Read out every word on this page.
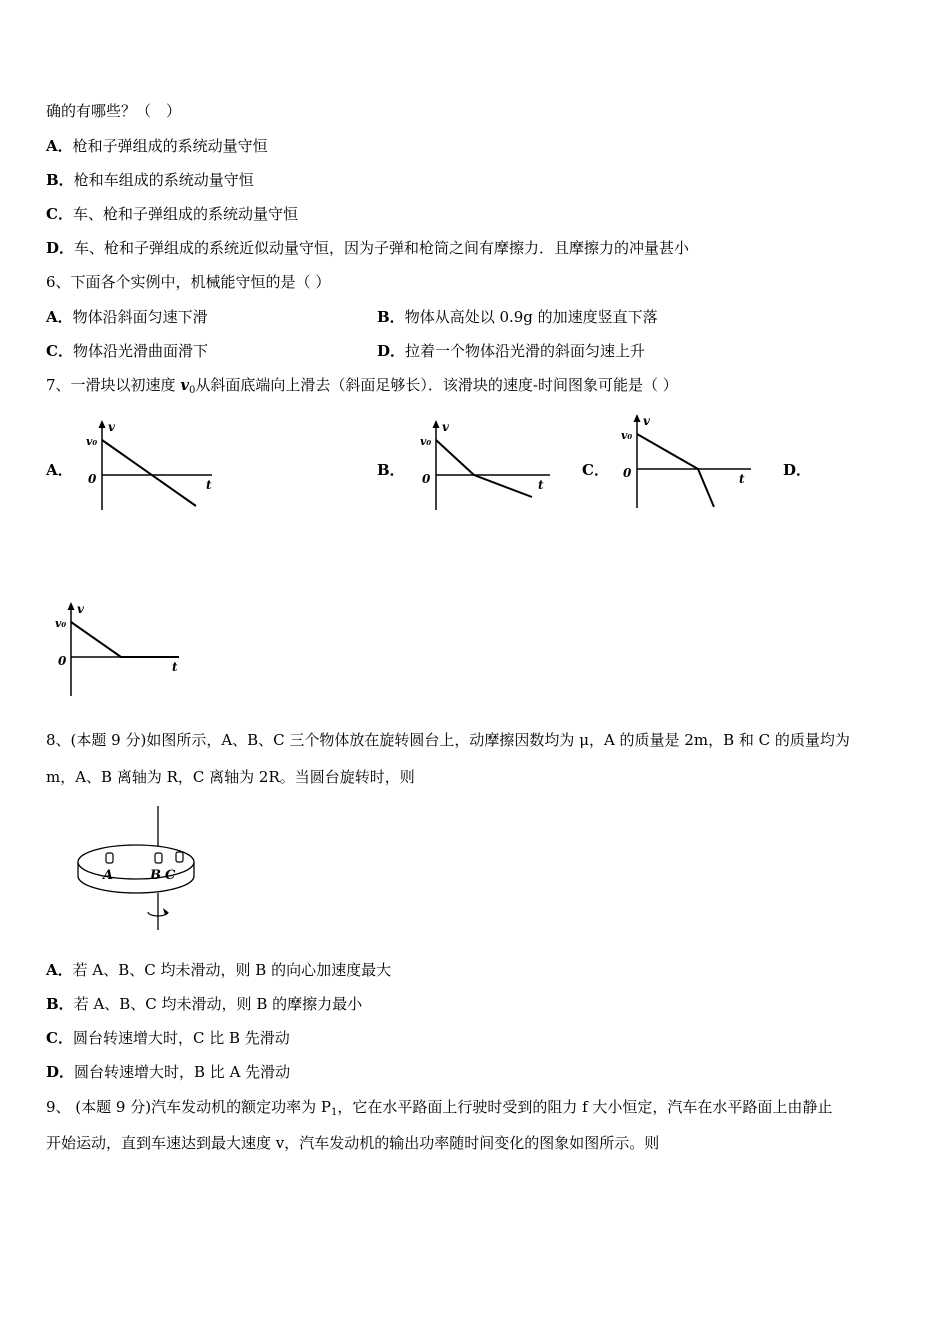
确的有哪些？（　）
A．枪和子弹组成的系统动量守恒
B．枪和车组成的系统动量守恒
C．车、枪和子弹组成的系统动量守恒
D．车、枪和子弹组成的系统近似动量守恒，因为子弹和枪筒之间有摩擦力．且摩擦力的冲量甚小
6、下面各个实例中，机械能守恒的是（ ）
A．物体沿斜面匀速下滑	B．物体从高处以 0.9g 的加速度竖直下落
C．物体沿光滑曲面滑下	D．拉着一个物体沿光滑的斜面匀速上升
7、一滑块以初速度 $v_0$从斜面底端向上滑去（斜面足够长）．该滑块的速度-时间图象可能是（ ）
A．	B．	C．	D．
v
v₀
0	t
v
v₀
0	t
v
v₀
0	t
v
v₀
0	t
8、(本题 9 分)如图所示，A、B、C 三个物体放在旋转圆台上，动摩擦因数均为 μ，A 的质量是 2m，B 和 C 的质量均为
m，A、B 离轴为 R，C 离轴为 2R。当圆台旋转时，则
A	B C
A．若 A、B、C 均未滑动，则 B 的向心加速度最大
B．若 A、B、C 均未滑动，则 B 的摩擦力最小
C．圆台转速增大时，C 比 B 先滑动
D．圆台转速增大时，B 比 A 先滑动
9、 (本题 9 分)汽车发动机的额定功率为 $P_1$，它在水平路面上行驶时受到的阻力 f 大小恒定，汽车在水平路面上由静止
开始运动，直到车速达到最大速度 v，汽车发动机的输出功率随时间变化的图象如图所示。则
